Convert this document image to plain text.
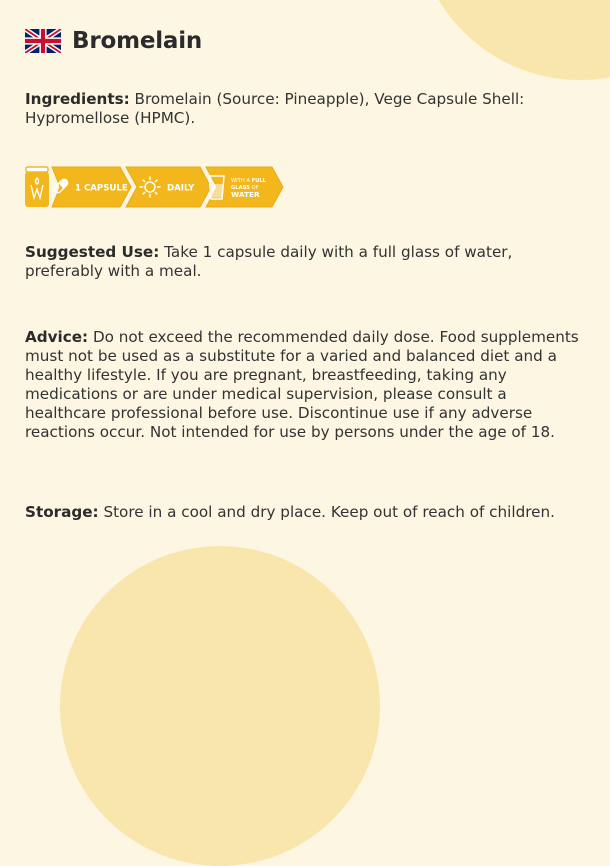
Bromelain

Ingredients: Bromelain (Source: Pineapple), Vege Capsule Shell: Hypromellose (HPMC).

1 CAPSULE	DAILY
WITH A FULL
GLASS OF
WATER

Suggested Use: Take 1 capsule daily with a full glass of water, preferably with a meal.

Advice: Do not exceed the recommended daily dose. Food supplements must not be used as a substitute for a varied and balanced diet and a healthy lifestyle. If you are pregnant, breastfeeding, taking any medications or are under medical supervision, please consult a healthcare professional before use. Discontinue use if any adverse reactions occur. Not intended for use by persons under the age of 18.

Storage: Store in a cool and dry place. Keep out of reach of children.
